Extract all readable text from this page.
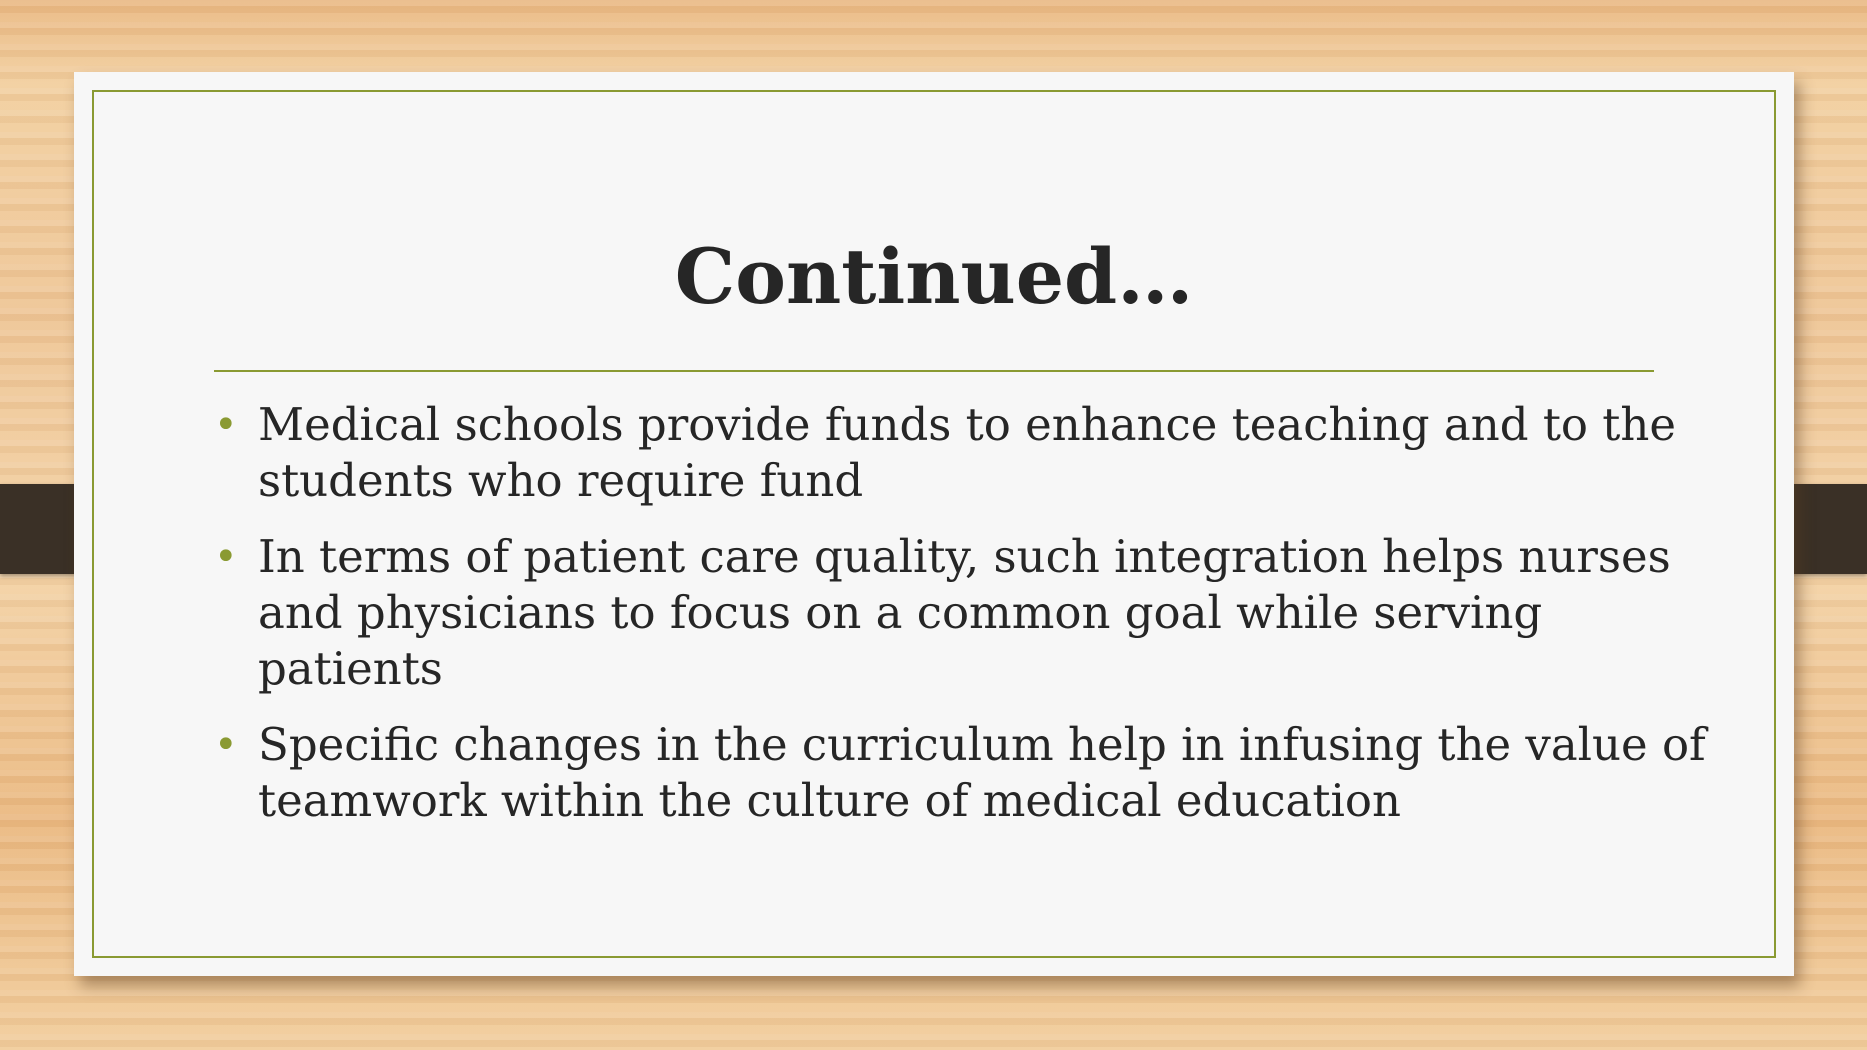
Continued…
• Medical schools provide funds to enhance teaching and to the students who require fund
• In terms of patient care quality, such integration helps nurses and physicians to focus on a common goal while serving patients
• Specific changes in the curriculum help in infusing the value of teamwork within the culture of medical education
